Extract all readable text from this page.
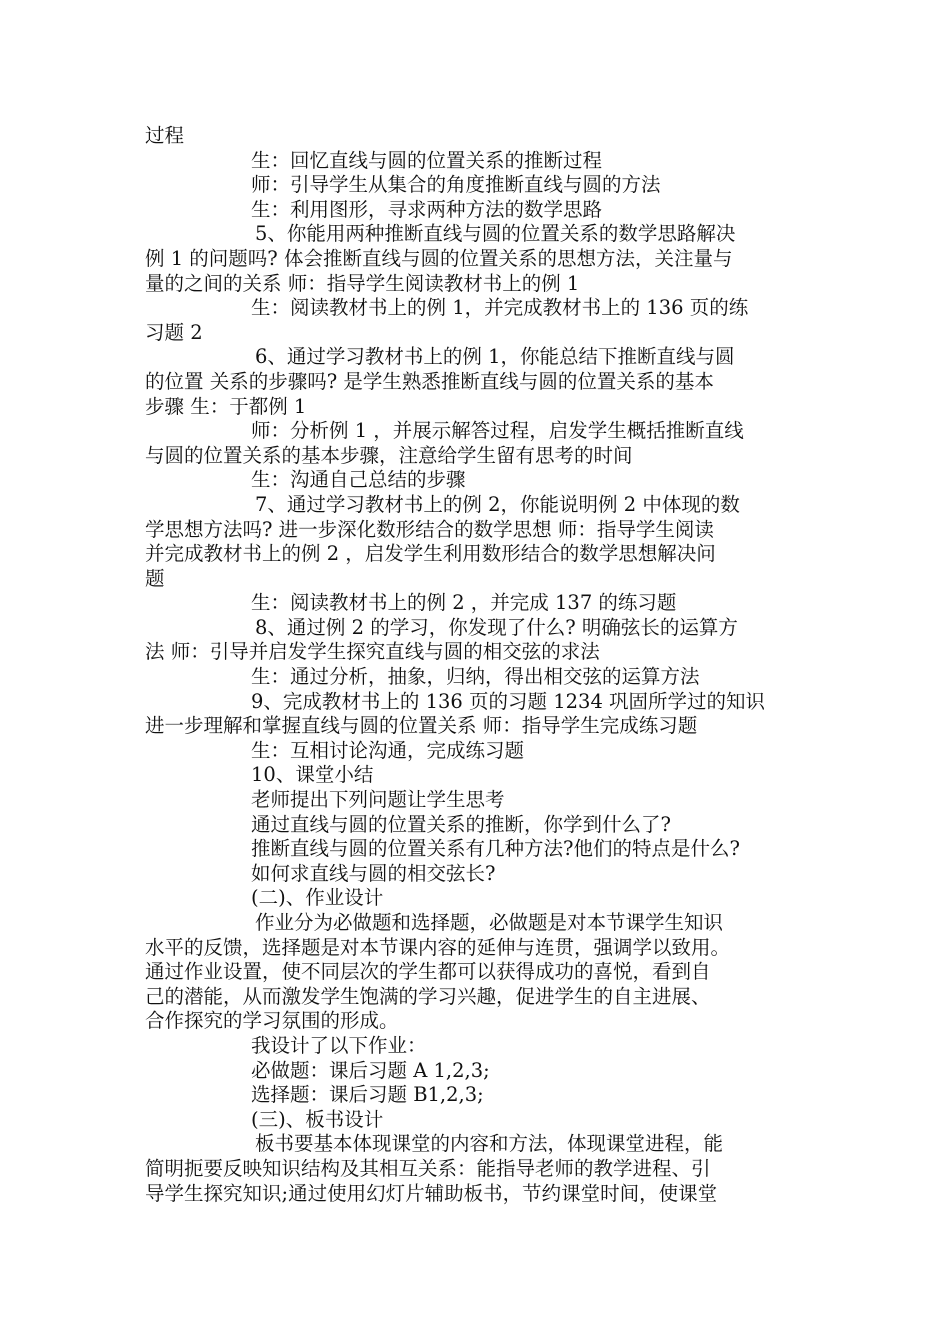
过程
生：回忆直线与圆的位置关系的推断过程
师：引导学生从集合的角度推断直线与圆的方法
生：利用图形，寻求两种方法的数学思路
5、你能用两种推断直线与圆的位置关系的数学思路解决
例 1 的问题吗? 体会推断直线与圆的位置关系的思想方法，关注量与
量的之间的关系 师：指导学生阅读教材书上的例 1
生：阅读教材书上的例 1，并完成教材书上的 136 页的练
习题 2
6、通过学习教材书上的例 1，你能总结下推断直线与圆
的位置 关系的步骤吗? 是学生熟悉推断直线与圆的位置关系的基本
步骤 生：于都例 1
师：分析例 1 ，并展示解答过程，启发学生概括推断直线
与圆的位置关系的基本步骤，注意给学生留有思考的时间
生：沟通自己总结的步骤
7、通过学习教材书上的例 2，你能说明例 2 中体现的数
学思想方法吗? 进一步深化数形结合的数学思想 师：指导学生阅读
并完成教材书上的例 2 ，启发学生利用数形结合的数学思想解决问
题
生：阅读教材书上的例 2 ，并完成 137 的练习题
8、通过例 2 的学习，你发现了什么? 明确弦长的运算方
法 师：引导并启发学生探究直线与圆的相交弦的求法
生：通过分析，抽象，归纳，得出相交弦的运算方法
9、完成教材书上的 136 页的习题 1234 巩固所学过的知识
进一步理解和掌握直线与圆的位置关系 师：指导学生完成练习题
生：互相讨论沟通，完成练习题
10、课堂小结
老师提出下列问题让学生思考
通过直线与圆的位置关系的推断，你学到什么了?
推断直线与圆的位置关系有几种方法?他们的特点是什么?
如何求直线与圆的相交弦长?
(二)、作业设计
作业分为必做题和选择题，必做题是对本节课学生知识
水平的反馈，选择题是对本节课内容的延伸与连贯，强调学以致用。
通过作业设置，使不同层次的学生都可以获得成功的喜悦，看到自
己的潜能，从而激发学生饱满的学习兴趣，促进学生的自主进展、
合作探究的学习氛围的形成。
我设计了以下作业：
必做题：课后习题 A 1,2,3;
选择题：课后习题 B1,2,3;
(三)、板书设计
板书要基本体现课堂的内容和方法，体现课堂进程，能
简明扼要反映知识结构及其相互关系：能指导老师的教学进程、引
导学生探究知识;通过使用幻灯片辅助板书，节约课堂时间，使课堂
